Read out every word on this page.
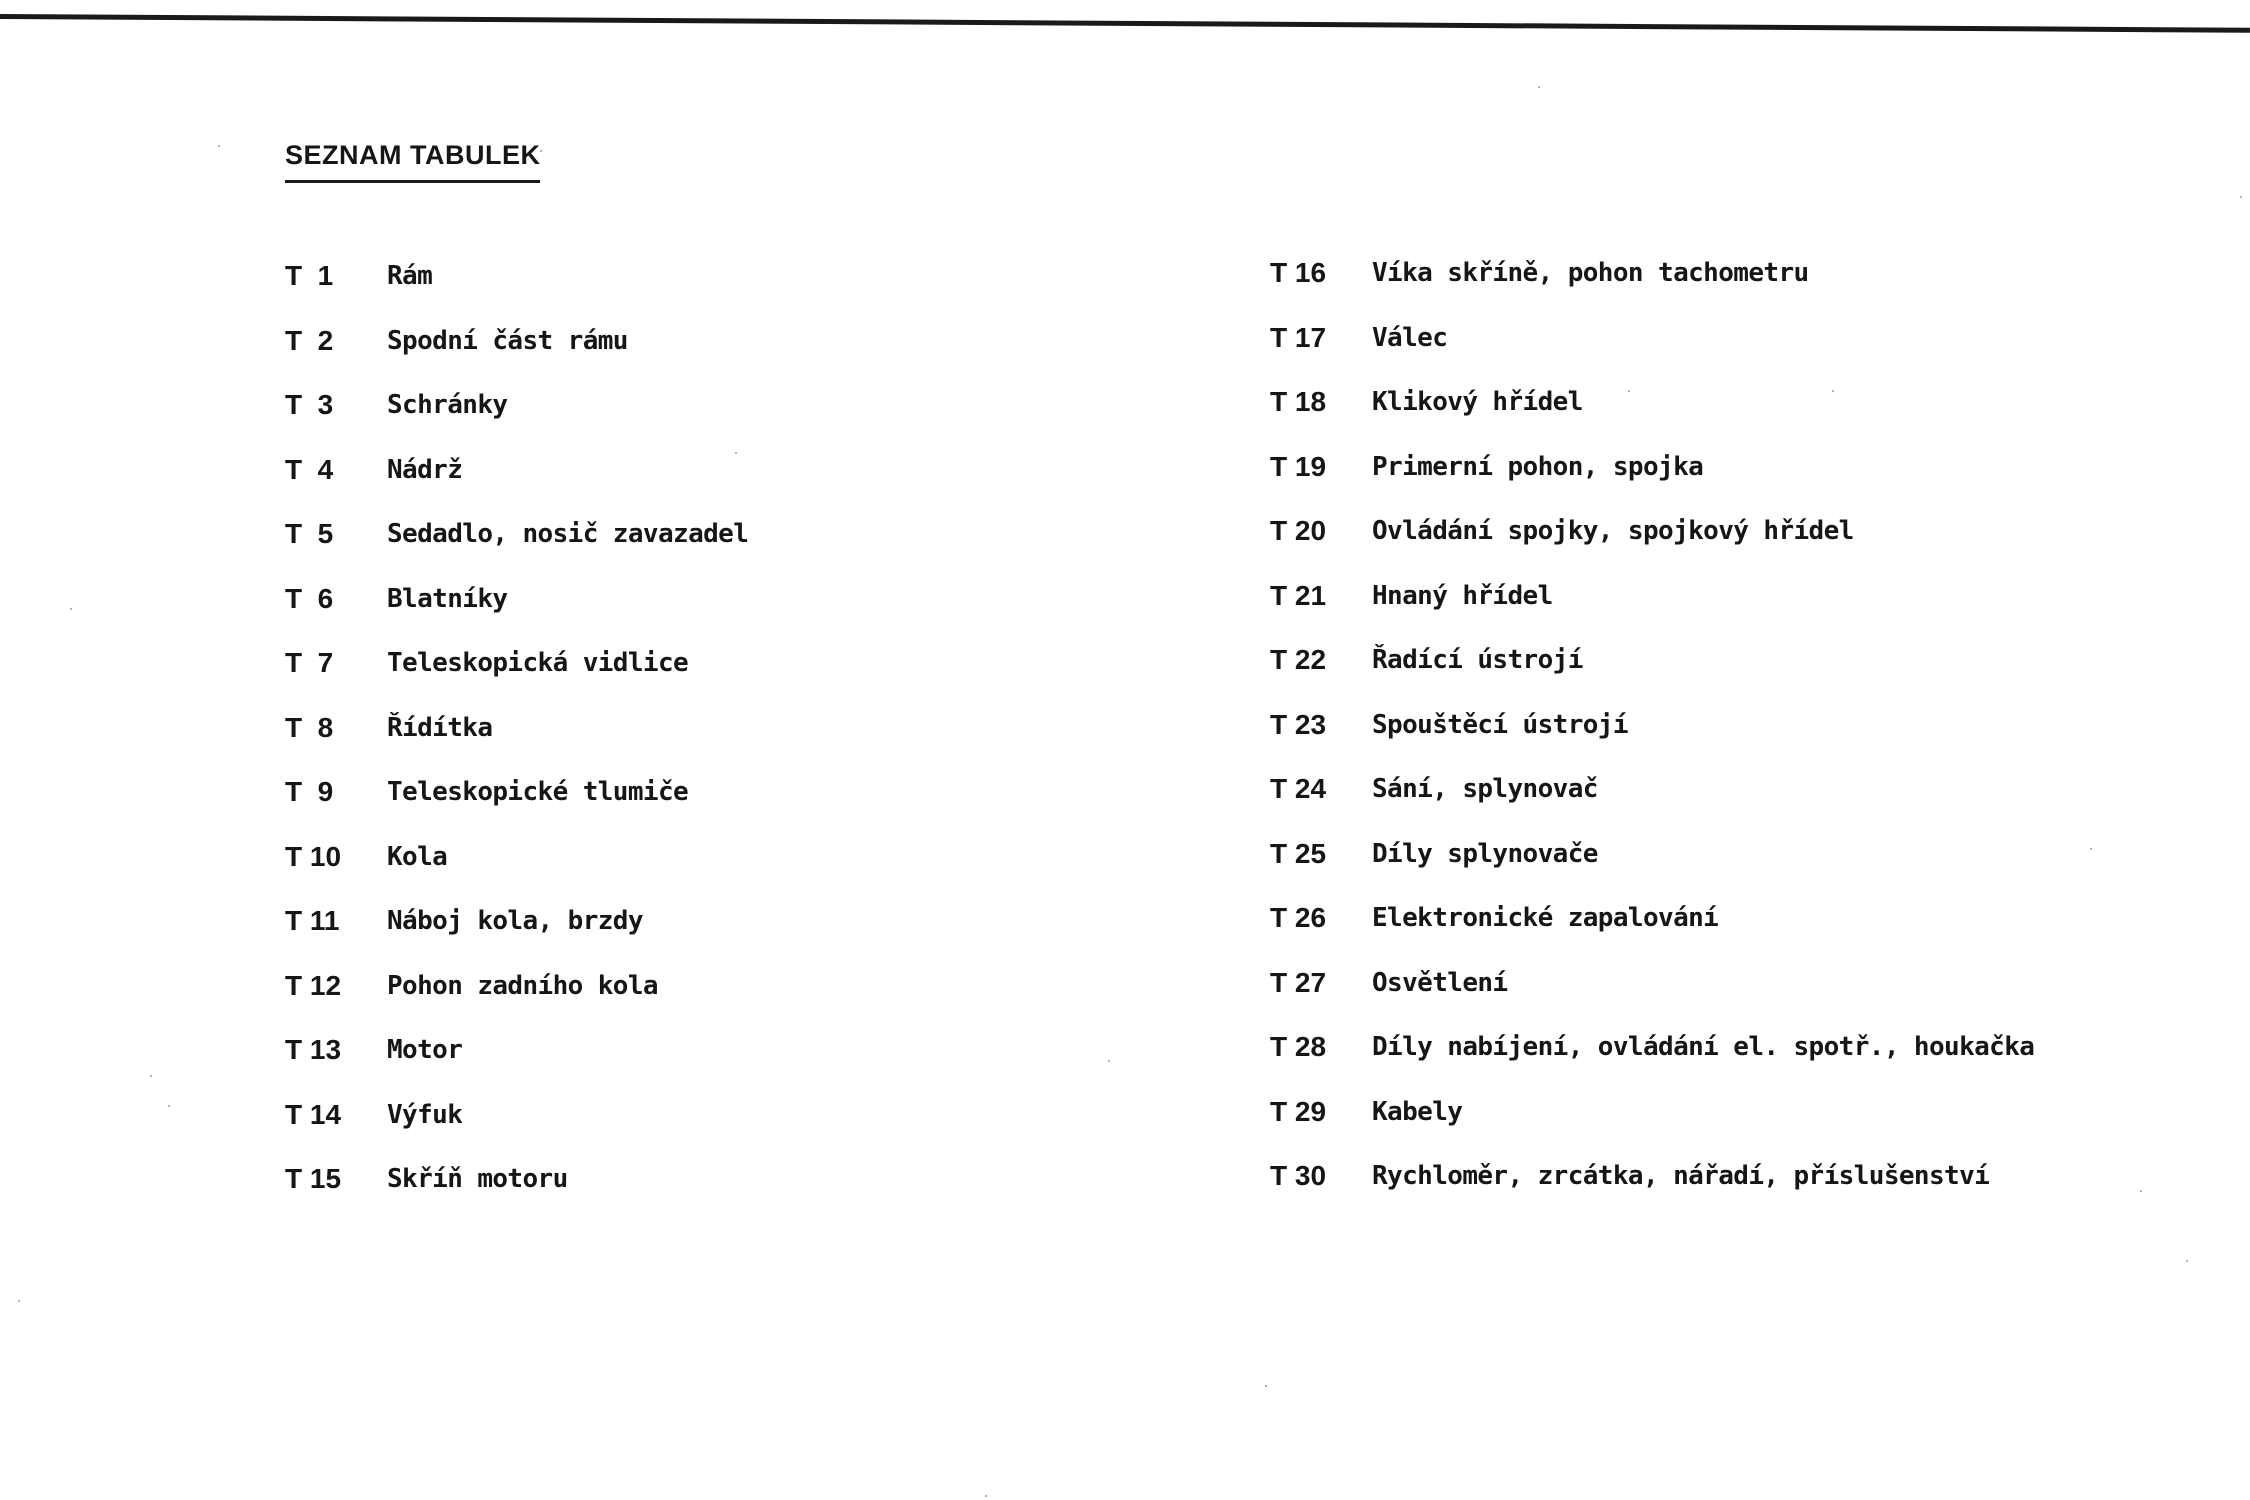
SEZNAM TABULEK
T  1	Rám
T  2	Spodní část rámu
T  3	Schránky
T  4	Nádrž
T  5	Sedadlo, nosič zavazadel
T  6	Blatníky
T  7	Teleskopická vidlice
T  8	Řídítka
T  9	Teleskopické tlumiče
T 10	Kola
T 11	Náboj kola, brzdy
T 12	Pohon zadního kola
T 13	Motor
T 14	Výfuk
T 15	Skříň motoru
T 16	Víka skříně, pohon tachometru
T 17	Válec
T 18	Klikový hřídel
T 19	Primerní pohon, spojka
T 20	Ovládání spojky, spojkový hřídel
T 21	Hnaný hřídel
T 22	Řadící ústrojí
T 23	Spouštěcí ústrojí
T 24	Sání, splynovač
T 25	Díly splynovače
T 26	Elektronické zapalování
T 27	Osvětlení
T 28	Díly nabíjení, ovládání el. spotř., houkačka
T 29	Kabely
T 30	Rychloměr, zrcátka, nářadí, příslušenství
